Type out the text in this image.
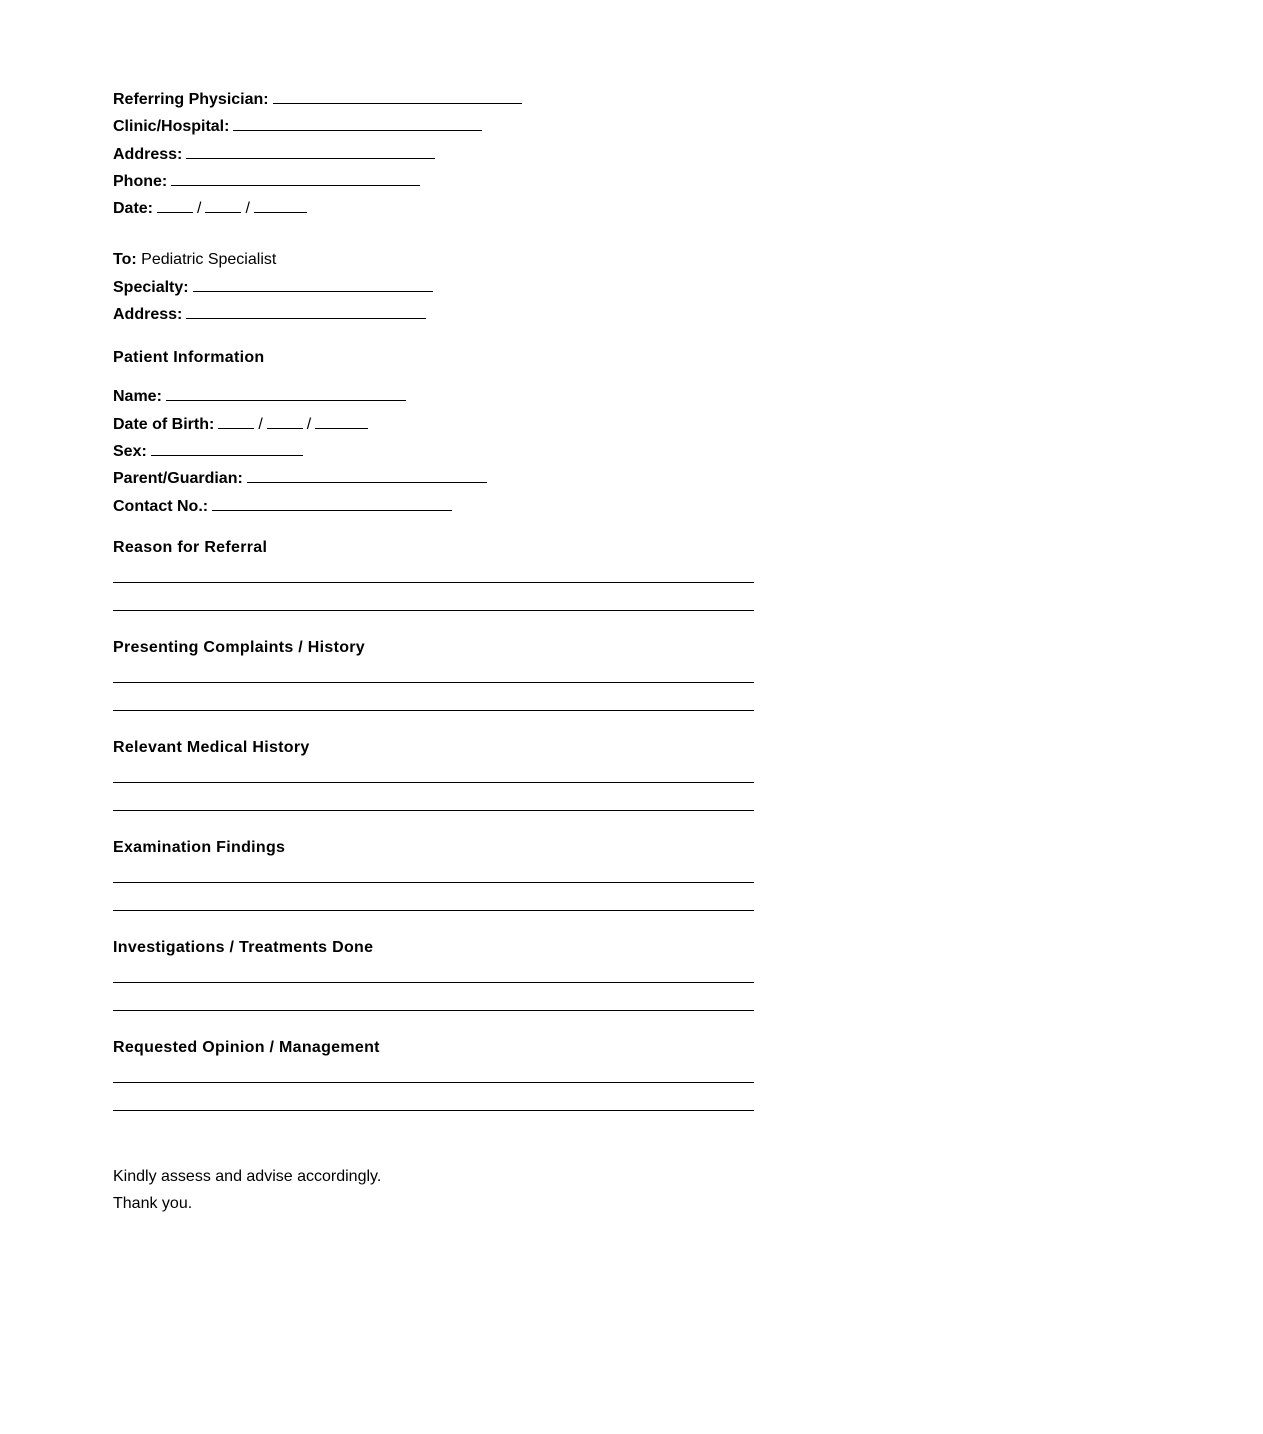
Referring Physician:
Clinic/Hospital:
Address:
Phone:
Date:	/	/
To: Pediatric Specialist
Specialty:
Address:
Patient Information
Name:
Date of Birth:	/	/
Sex:
Parent/Guardian:
Contact No.:
Reason for Referral
Presenting Complaints / History
Relevant Medical History
Examination Findings
Investigations / Treatments Done
Requested Opinion / Management
Kindly assess and advise accordingly.
Thank you.
